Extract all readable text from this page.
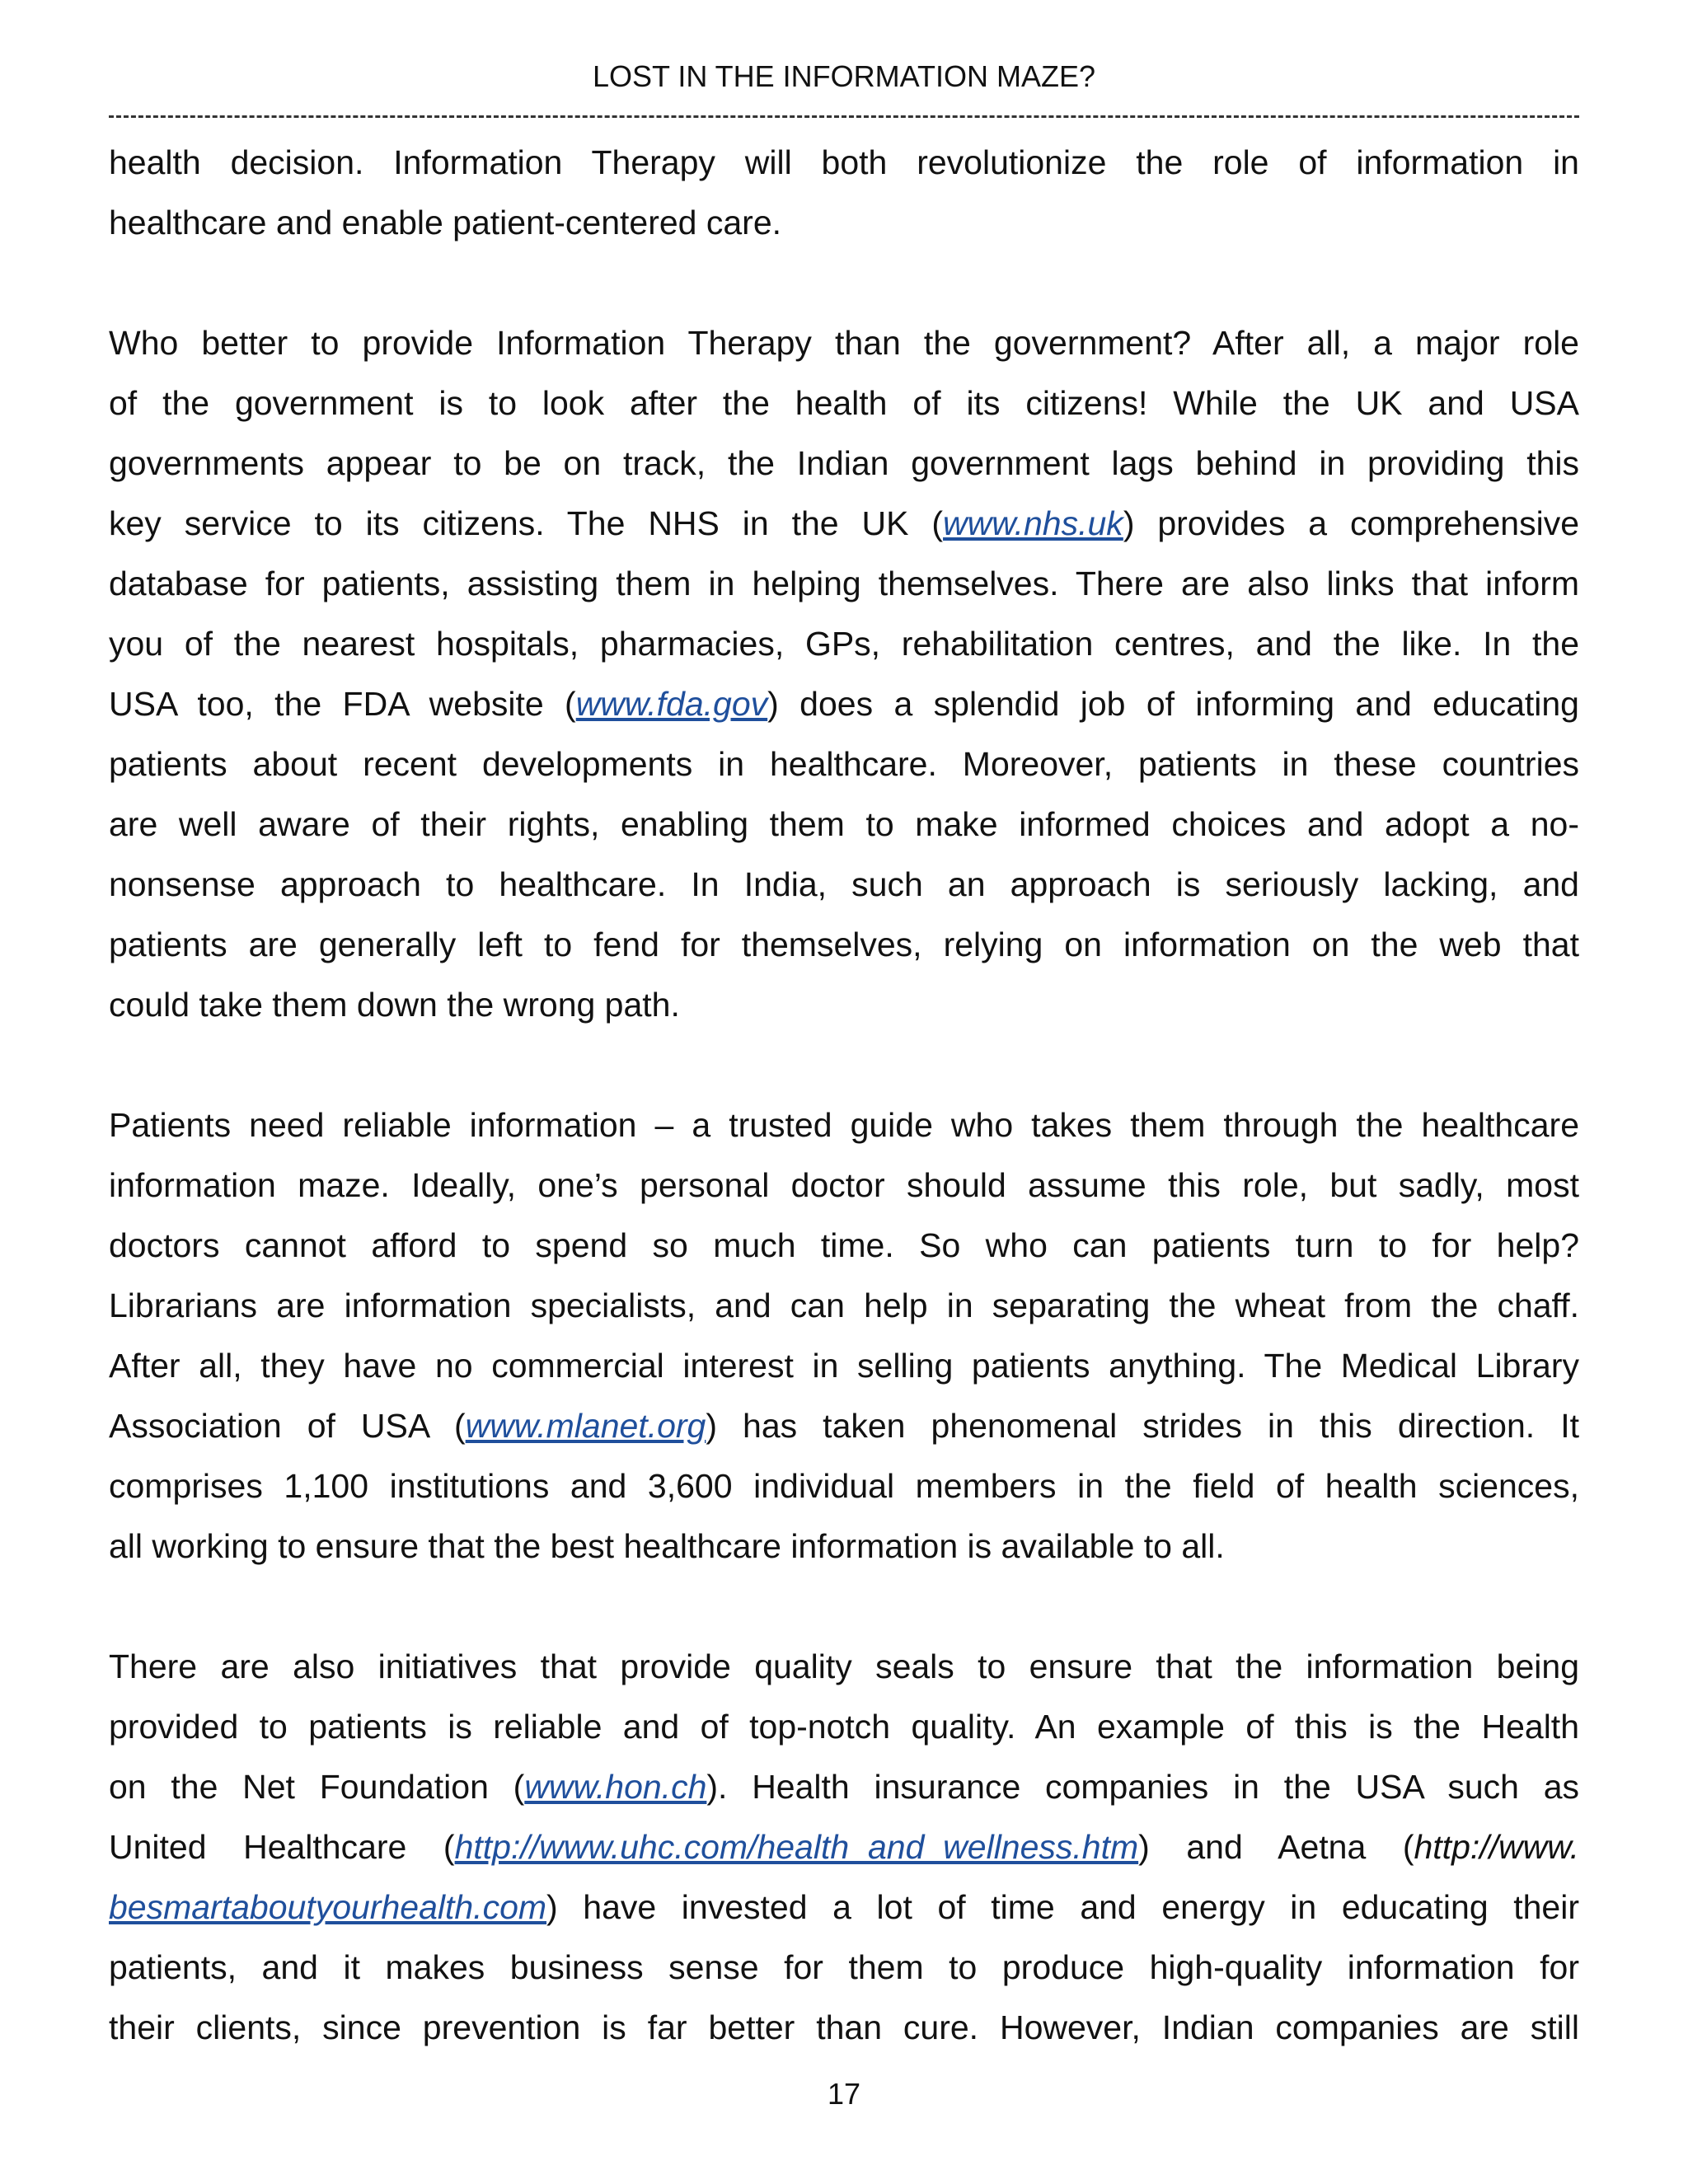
LOST IN THE INFORMATION MAZE?
health decision. Information Therapy will both revolutionize the role of information in
healthcare and enable patient-centered care.
Who better to provide Information Therapy than the government? After all, a major role
of the government is to look after the health of its citizens! While the UK and USA
governments appear to be on track, the Indian government lags behind in providing this
key service to its citizens. The NHS in the UK (www.nhs.uk) provides a comprehensive
database for patients, assisting them in helping themselves. There are also links that inform
you of the nearest hospitals, pharmacies, GPs, rehabilitation centres, and the like. In the
USA too, the FDA website (www.fda.gov) does a splendid job of informing and educating
patients about recent developments in healthcare. Moreover, patients in these countries
are well aware of their rights, enabling them to make informed choices and adopt a no-
nonsense approach to healthcare. In India, such an approach is seriously lacking, and
patients are generally left to fend for themselves, relying on information on the web that
could take them down the wrong path.
Patients need reliable information – a trusted guide who takes them through the healthcare
information maze. Ideally, one’s personal doctor should assume this role, but sadly, most
doctors cannot afford to spend so much time. So who can patients turn to for help?
Librarians are information specialists, and can help in separating the wheat from the chaff.
After all, they have no commercial interest in selling patients anything. The Medical Library
Association of USA (www.mlanet.org) has taken phenomenal strides in this direction. It
comprises 1,100 institutions and 3,600 individual members in the field of health sciences,
all working to ensure that the best healthcare information is available to all.
There are also initiatives that provide quality seals to ensure that the information being
provided to patients is reliable and of top-notch quality. An example of this is the Health
on the Net Foundation (www.hon.ch). Health insurance companies in the USA such as
United Healthcare (http://www.uhc.com/health_and_wellness.htm) and Aetna (http://www.
besmartaboutyourhealth.com) have invested a lot of time and energy in educating their
patients, and it makes business sense for them to produce high-quality information for
their clients, since prevention is far better than cure. However, Indian companies are still
17
